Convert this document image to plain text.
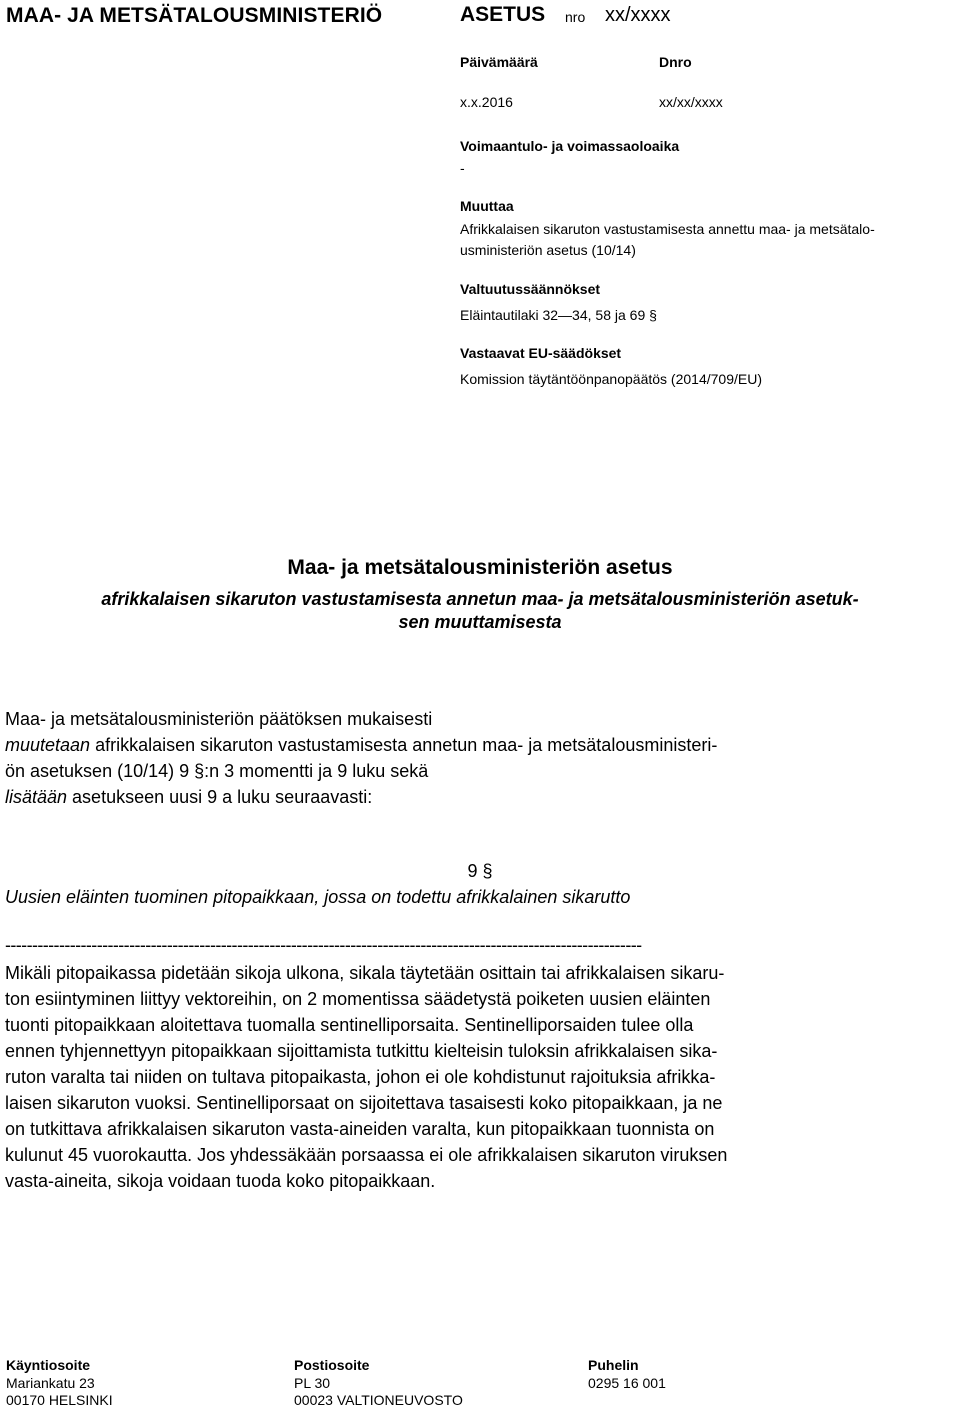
MAA- JA METSÄTALOUSMINISTERIÖ	ASETUS nro xx/xxxx
Päivämäärä	Dnro
x.x.2016	xx/xx/xxxx
Voimaantulo- ja voimassaoloaika
-
Muuttaa
Afrikkalaisen sikaruton vastustamisesta annettu maa- ja metsätalo-
usministeriön asetus (10/14)
Valtuutussäännökset
Eläintautilaki 32—34, 58 ja 69 §
Vastaavat EU-säädökset
Komission täytäntöönpanopäätös (2014/709/EU)
Maa- ja metsätalousministeriön asetus
afrikkalaisen sikaruton vastustamisesta annetun maa- ja metsätalousministeriön asetuk-
sen muuttamisesta
Maa- ja metsätalousministeriön päätöksen mukaisesti
muutetaan afrikkalaisen sikaruton vastustamisesta annetun maa- ja metsätalousministeri-
ön asetuksen (10/14) 9 §:n 3 momentti ja 9 luku sekä
lisätään asetukseen uusi 9 a luku seuraavasti:
9 §
Uusien eläinten tuominen pitopaikkaan, jossa on todettu afrikkalainen sikarutto
----------------------------------------------------------------------------------------------------------------------
Mikäli pitopaikassa pidetään sikoja ulkona, sikala täytetään osittain tai afrikkalaisen sikaru-
ton esiintyminen liittyy vektoreihin, on 2 momentissa säädetystä poiketen uusien eläinten
tuonti pitopaikkaan aloitettava tuomalla sentinelliporsaita. Sentinelliporsaiden tulee olla
ennen tyhjennettyyn pitopaikkaan sijoittamista tutkittu kielteisin tuloksin afrikkalaisen sika-
ruton varalta tai niiden on tultava pitopaikasta, johon ei ole kohdistunut rajoituksia afrikka-
laisen sikaruton vuoksi. Sentinelliporsaat on sijoitettava tasaisesti koko pitopaikkaan, ja ne
on tutkittava afrikkalaisen sikaruton vasta-aineiden varalta, kun pitopaikkaan tuonnista on
kulunut 45 vuorokautta. Jos yhdessäkään porsaassa ei ole afrikkalaisen sikaruton viruksen
vasta-aineita, sikoja voidaan tuoda koko pitopaikkaan.
Käyntiosoite
Mariankatu 23
00170 HELSINKI
Postiosoite
PL 30
00023 VALTIONEUVOSTO
Puhelin
0295 16 001
